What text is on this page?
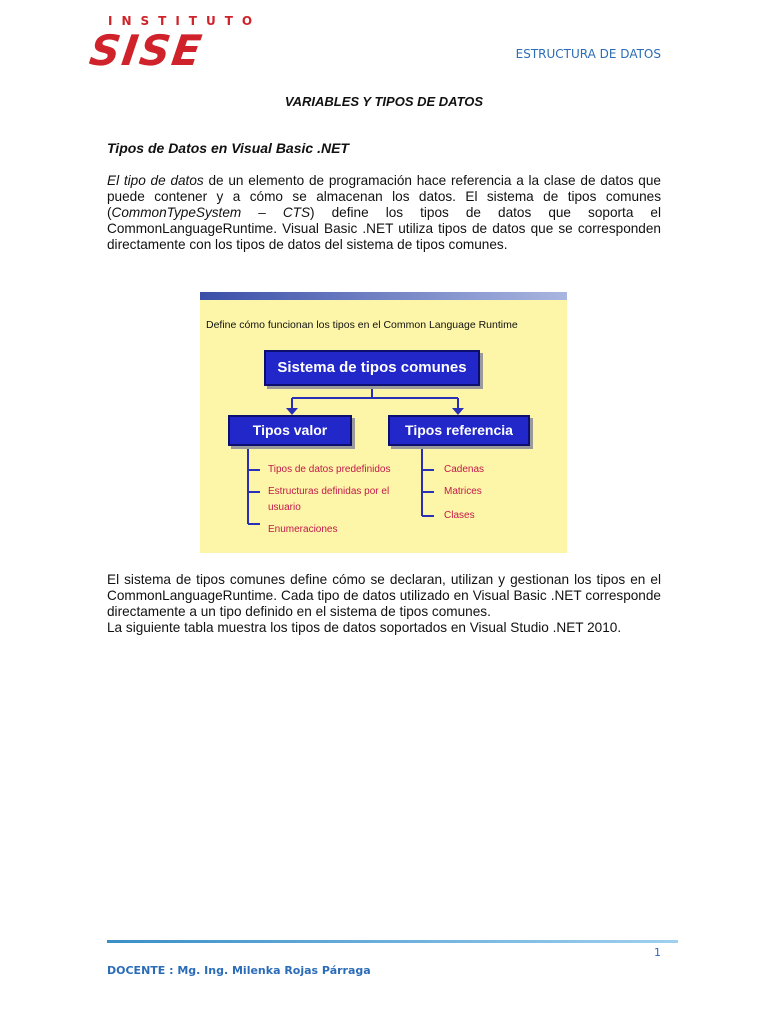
INSTITUTO
SISE	ESTRUCTURA DE DATOS
VARIABLES Y TIPOS DE DATOS
Tipos de Datos en Visual Basic .NET

El tipo de datos de un elemento de programación hace referencia a la clase de datos que puede contener y a cómo se almacenan los datos. El sistema de tipos comunes (CommonTypeSystem – CTS) define los tipos de datos que soporta el CommonLanguageRuntime. Visual Basic .NET utiliza tipos de datos que se corresponden directamente con los tipos de datos del sistema de tipos comunes.

Define cómo funcionan los tipos en el Common Language Runtime
Sistema de tipos comunes
Tipos valor	Tipos referencia
Tipos de datos predefinidos
Estructuras definidas por el
usuario
Enumeraciones
Cadenas
Matrices
Clases

El sistema de tipos comunes define cómo se declaran, utilizan y gestionan los tipos en el CommonLanguageRuntime. Cada tipo de datos utilizado en Visual Basic .NET corresponde directamente a un tipo definido en el sistema de tipos comunes.

La siguiente tabla muestra los tipos de datos soportados en Visual Studio .NET 2010.

1
DOCENTE : Mg. Ing. Milenka Rojas Párraga
